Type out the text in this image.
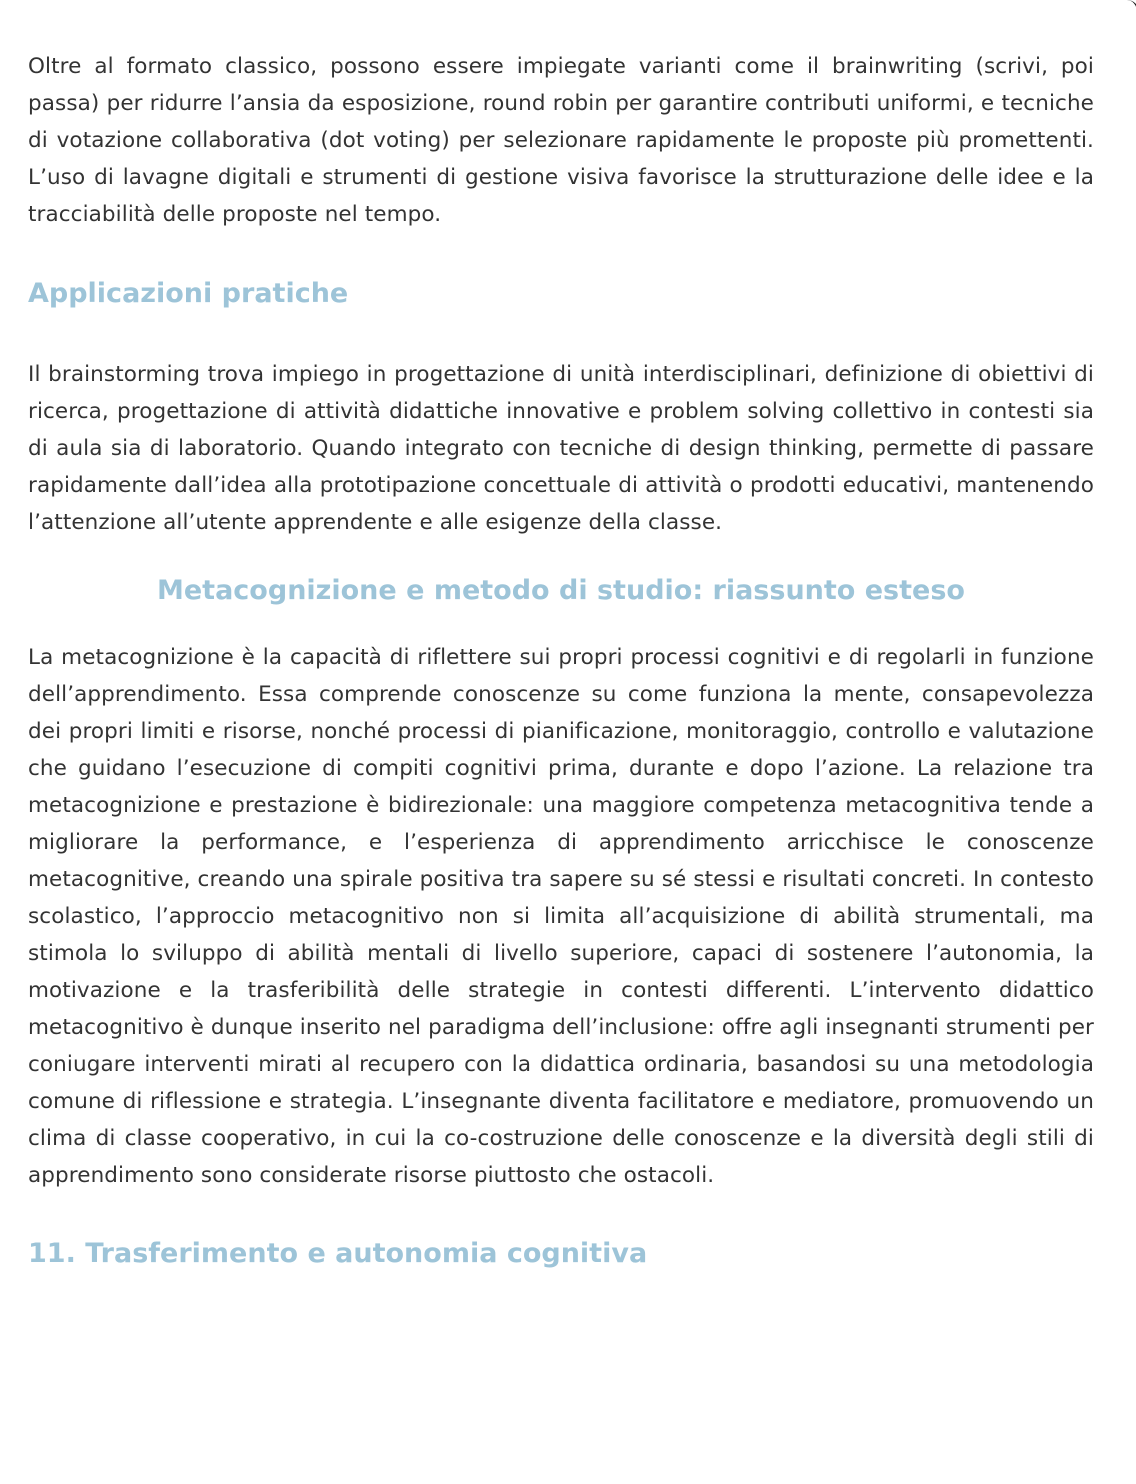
Oltre al formato classico, possono essere impiegate varianti come il brainwriting (scrivi, poi passa) per ridurre l’ansia da esposizione, round robin per garantire contributi uniformi, e tecniche di votazione collaborativa (dot voting) per selezionare rapidamente le proposte più promettenti. L’uso di lavagne digitali e strumenti di gestione visiva favorisce la strutturazione delle idee e la tracciabilità delle proposte nel tempo.

Applicazioni pratiche

Il brainstorming trova impiego in progettazione di unità interdisciplinari, definizione di obiettivi di ricerca, progettazione di attività didattiche innovative e problem solving collettivo in contesti sia di aula sia di laboratorio. Quando integrato con tecniche di design thinking, permette di passare rapidamente dall’idea alla prototipazione concettuale di attività o prodotti educativi, mantenendo l’attenzione all’utente apprendente e alle esigenze della classe.

Metacognizione e metodo di studio: riassunto esteso

La metacognizione è la capacità di riflettere sui propri processi cognitivi e di regolarli in funzione dell’apprendimento. Essa comprende conoscenze su come funziona la mente, consapevolezza dei propri limiti e risorse, nonché processi di pianificazione, monitoraggio, controllo e valutazione che guidano l’esecuzione di compiti cognitivi prima, durante e dopo l’azione. La relazione tra metacognizione e prestazione è bidirezionale: una maggiore competenza metacognitiva tende a migliorare la performance, e l’esperienza di apprendimento arricchisce le conoscenze metacognitive, creando una spirale positiva tra sapere su sé stessi e risultati concreti. In contesto scolastico, l’approccio metacognitivo non si limita all’acquisizione di abilità strumentali, ma stimola lo sviluppo di abilità mentali di livello superiore, capaci di sostenere l’autonomia, la motivazione e la trasferibilità delle strategie in contesti differenti. L’intervento didattico metacognitivo è dunque inserito nel paradigma dell’inclusione: offre agli insegnanti strumenti per coniugare interventi mirati al recupero con la didattica ordinaria, basandosi su una metodologia comune di riflessione e strategia. L’insegnante diventa facilitatore e mediatore, promuovendo un clima di classe cooperativo, in cui la co-costruzione delle conoscenze e la diversità degli stili di apprendimento sono considerate risorse piuttosto che ostacoli.

11. Trasferimento e autonomia cognitiva
